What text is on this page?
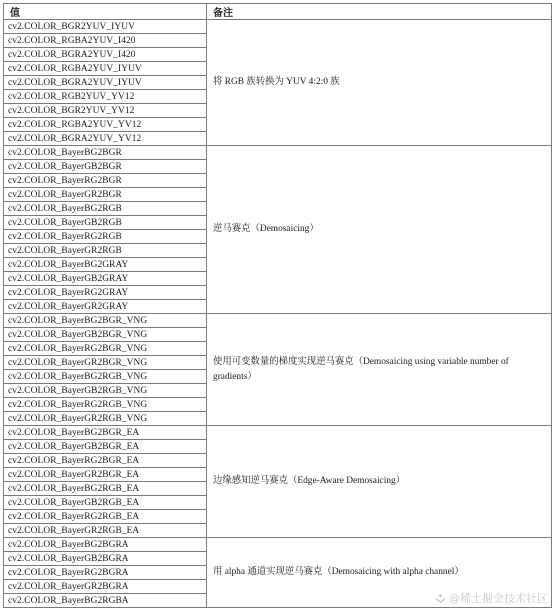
值	备注
cv2.COLOR_BGR2YUV_IYUV	将 RGB 族转换为 YUV 4:2:0 族
cv2.COLOR_RGBA2YUV_I420	
cv2.COLOR_BGRA2YUV_I420	
cv2.COLOR_RGBA2YUV_IYUV	
cv2.COLOR_BGRA2YUV_IYUV	
cv2.COLOR_RGB2YUV_YV12	
cv2.COLOR_BGR2YUV_YV12	
cv2.COLOR_RGBA2YUV_YV12	
cv2.COLOR_BGRA2YUV_YV12	
cv2.COLOR_BayerBG2BGR	逆马赛克（Demosaicing）
cv2.COLOR_BayerGB2BGR	
cv2.COLOR_BayerRG2BGR	
cv2.COLOR_BayerGR2BGR	
cv2.COLOR_BayerBG2RGB	
cv2.COLOR_BayerGB2RGB	
cv2.COLOR_BayerRG2RGB	
cv2.COLOR_BayerGR2RGB	
cv2.COLOR_BayerBG2GRAY	
cv2.COLOR_BayerGB2GRAY	
cv2.COLOR_BayerRG2GRAY	
cv2.COLOR_BayerGR2GRAY	
cv2.COLOR_BayerBG2BGR_VNG	使用可变数量的梯度实现逆马赛克（Demosaicing using variable number of gradients）
cv2.COLOR_BayerGB2BGR_VNG	
cv2.COLOR_BayerRG2BGR_VNG	
cv2.COLOR_BayerGR2BGR_VNG	
cv2.COLOR_BayerBG2RGB_VNG	
cv2.COLOR_BayerGB2RGB_VNG	
cv2.COLOR_BayerRG2RGB_VNG	
cv2.COLOR_BayerGR2RGB_VNG	
cv2.COLOR_BayerBG2BGR_EA	边缘感知逆马赛克（Edge-Aware Demosaicing）
cv2.COLOR_BayerGB2BGR_EA	
cv2.COLOR_BayerRG2BGR_EA	
cv2.COLOR_BayerGR2BGR_EA	
cv2.COLOR_BayerBG2RGB_EA	
cv2.COLOR_BayerGB2RGB_EA	
cv2.COLOR_BayerRG2RGB_EA	
cv2.COLOR_BayerGR2RGB_EA	
cv2.COLOR_BayerBG2BGRA	用 alpha 通道实现逆马赛克（Demosaicing with alpha channel）
cv2.COLOR_BayerGB2BGRA	
cv2.COLOR_BayerRG2BGRA	
cv2.COLOR_BayerGR2BGRA	
cv2.COLOR_BayerBG2RGBA		@稀土掘金技术社区
